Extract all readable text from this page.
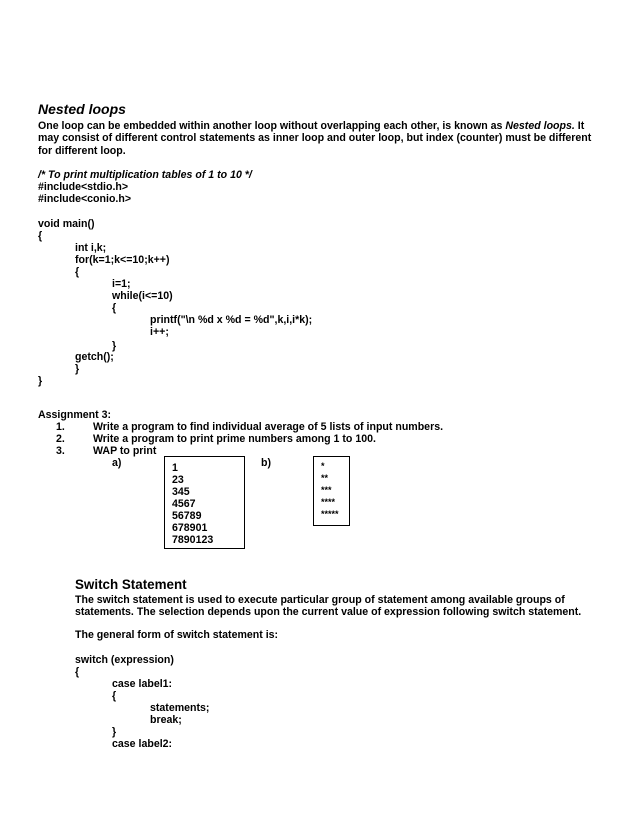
Nested loops
One loop can be embedded within another loop without overlapping each other, is known as Nested loops. It may consist of different control statements as inner loop and outer loop, but index (counter) must be different for different loop.
/* To print multiplication tables of 1 to 10 */
#include<stdio.h>
#include<conio.h>
void main()
{
int i,k;
for(k=1;k<=10;k++)
{
i=1;
while(i<=10)
{
printf("\n %d x %d = %d",k,i,i*k);
i++;
}
getch();
}
}
Assignment 3:
1.	Write a program to find individual average of 5 lists of input numbers.
2.	Write a program to print prime numbers among 1 to 100.
3.	WAP to print
a)	b)
1
23
345
4567
56789
678901
7890123
*
**
***
****
*****
Switch Statement
The switch statement is used to execute particular group of statement among available groups of statements. The selection depends upon the current value of expression following switch statement.
The general form of switch statement is:
switch (expression)
{
case label1:
{
statements;
break;
}
case label2:
